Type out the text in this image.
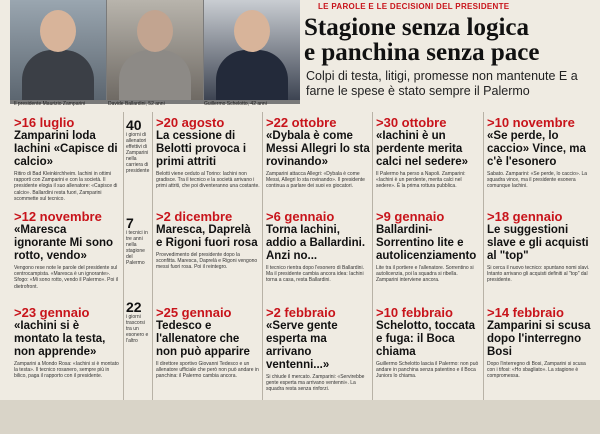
Il presidente Maurizio Zamparini	Davide Ballardini, 52 anni	Guillermo Schelotto, 42 anni
LE PAROLE E LE DECISIONI DEL PRESIDENTE
Stagione senza logica
e panchina senza pace
Colpi di testa, litigi, promesse non mantenute E a farne le spese è stato sempre il Palermo
>16 luglio
Zamparini loda Iachini «Capisce di calcio»
Ritiro di Bad Kleinkirchheim. Iachini in ottimi rapporti con Zamparini e con la società. Il presidente elogia il suo allenatore: «Capisce di calcio». Ballardini resta fuori, Zamparini scommette sul tecnico.
>12 novembre
«Maresca ignorante Mi sono rotto, vendo»
Vengono rese note le parole del presidente sul centrocampista. «Maresca è un ignorante». Sfogo: «Mi sono rotto, vendo il Palermo». Poi il dietrofront.
>23 gennaio
«Iachini si è montato la testa, non apprende»
Zamparini a Mondo Rosa: «Iachini si è montato la testa». Il tecnico rosanero, sempre più in bilico, paga il rapporto con il presidente.
40
i giorni di allenatori effettivi di Zamparini nella carriera di presidente
7
i tecnici in tre anni nella stagione del Palermo
22
i giorni trascorsi tra un esonero e l'altro
>20 agosto
La cessione di Belotti provoca i primi attriti
Belotti viene ceduto al Torino: Iachini non gradisce. Tra il tecnico e la società arrivano i primi attriti, che poi diventeranno una costante.
>2 dicembre
Maresca, Daprelà e Rigoni fuori rosa
Provvedimento del presidente dopo la sconfitta. Maresca, Daprelà e Rigoni vengono messi fuori rosa. Poi il reintegro.
>25 gennaio
Tedesco e l'allenatore che non può apparire
Il direttore sportivo Giovanni Tedesco e un allenatore ufficiale che però non può andare in panchina: il Palermo cambia ancora.
>22 ottobre
«Dybala è come Messi Allegri lo sta rovinando»
Zamparini attacca Allegri: «Dybala è come Messi, Allegri lo sta rovinando». Il presidente continua a parlare dei suoi ex giocatori.
>6 gennaio
Torna Iachini, addio a Ballardini. Anzi no...
Il tecnico rientra dopo l'esonero di Ballardini. Ma il presidente cambia ancora idea: Iachini torna a casa, resta Ballardini.
>2 febbraio
«Serve gente esperta ma arrivano ventenni...»
Si chiude il mercato. Zamparini: «Servirebbe gente esperta ma arrivano ventenni». La squadra resta senza rinforzi.
>30 ottobre
«Iachini è un perdente merita calci nel sedere»
Il Palermo ha perso a Napoli. Zamparini: «Iachini è un perdente, merita calci nel sedere». È la prima rottura pubblica.
>9 gennaio
Ballardini-Sorrentino lite e autolicenziamento
Lite tra il portiere e l'allenatore. Sorrentino si autolicenzia, poi la squadra si ribella. Zamparini interviene ancora.
>10 febbraio
Schelotto, toccata e fuga: il Boca chiama
Guillermo Schelotto lascia il Palermo: non può andare in panchina senza patentino e il Boca Juniors lo chiama.
>10 novembre
«Se perde, lo caccio» Vince, ma c'è l'esonero
Sabato. Zamparini: «Se perde, lo caccio». La squadra vince, ma il presidente esonera comunque Iachini.
>18 gennaio
Le suggestioni slave e gli acquisti al "top"
Si cerca il nuovo tecnico: spuntano nomi slavi. Intanto arrivano gli acquisti definiti al "top" dal presidente.
>14 febbraio
Zamparini si scusa dopo l'interregno Bosi
Dopo l'interregno di Bosi, Zamparini si scusa con i tifosi: «Ho sbagliato». La stagione è compromessa.
